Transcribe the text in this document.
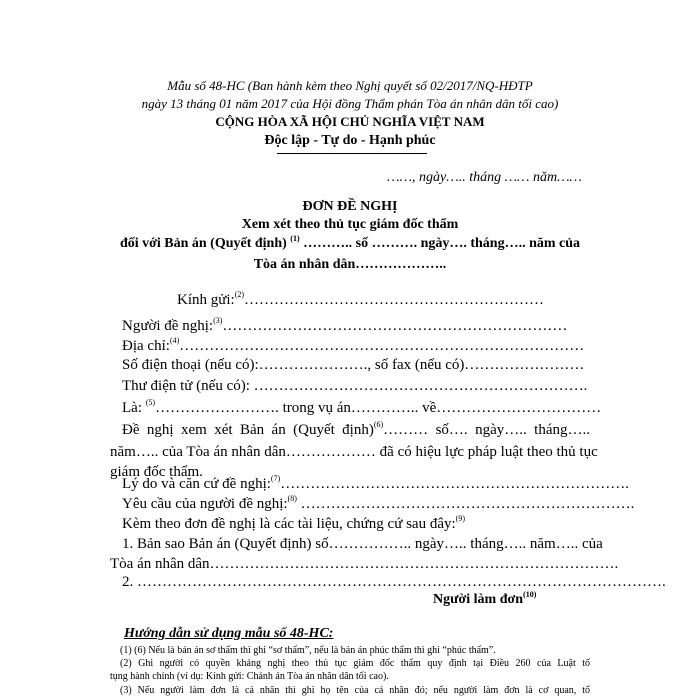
Mẫu số 48-HC (Ban hành kèm theo Nghị quyết số 02/2017/NQ-HĐTP
ngày 13 tháng 01 năm 2017 của Hội đồng Thẩm phán Tòa án nhân dân tối cao)
CỘNG HÒA XÃ HỘI CHỦ NGHĨA VIỆT NAM
Độc lập - Tự do - Hạnh phúc
……, ngày….. tháng …… năm……
ĐƠN ĐỀ NGHỊ
Xem xét theo thủ tục giám đốc thẩm
đối với Bản án (Quyết định) $^{(1)}$ ……….. số ………. ngày…. tháng….. năm của
Tòa án nhân dân………………..
Kính gửi:$^{(2)}$……………………………………………………
Người đề nghị:$^{(3)}$……………………………………………………………
Địa chỉ:$^{(4)}$………………………………………………………………………
Số điện thoại (nếu có):…………………., số fax (nếu có)……………………
Thư điện tử (nếu có): ………………………………………………………….
Là: $^{(5)}$……………………. trong vụ án………….. về……………………………
Đề nghị xem xét Bản án (Quyết định)$^{(6)}$……… số…. ngày….. tháng…..
năm….. của Tòa án nhân dân……………… đã có hiệu lực pháp luật theo thủ tục
giám đốc thẩm.
Lý do và căn cứ đề nghị:$^{(7)}$…………………………………………………………….
Yêu cầu của người đề nghị:$^{(8)}$ ………………………………………………………….
Kèm theo đơn đề nghị là các tài liệu, chứng cứ sau đây:$^{(9)}$
1. Bản sao Bản án (Quyết định) số…………….. ngày….. tháng….. năm….. của
Tòa án nhân dân……………………………………………………………………….
2. …………………………………………………………………………………………….
Người làm đơn$^{(10)}$
Hướng dẫn sử dụng mẫu số 48-HC:
(1) (6) Nếu là bản án sơ thẩm thì ghi “sơ thẩm”, nếu là bản án phúc thẩm thì ghi “phúc thẩm”.
(2) Ghi người có quyền kháng nghị theo thủ tục giám đốc thẩm quy định tại Điều 260 của Luật tố
tụng hành chính (ví dụ: Kính gửi: Chánh án Tòa án nhân dân tối cao).
(3) Nếu người làm đơn là cá nhân thì ghi họ tên của cá nhân đó; nếu người làm đơn là cơ quan, tổ
